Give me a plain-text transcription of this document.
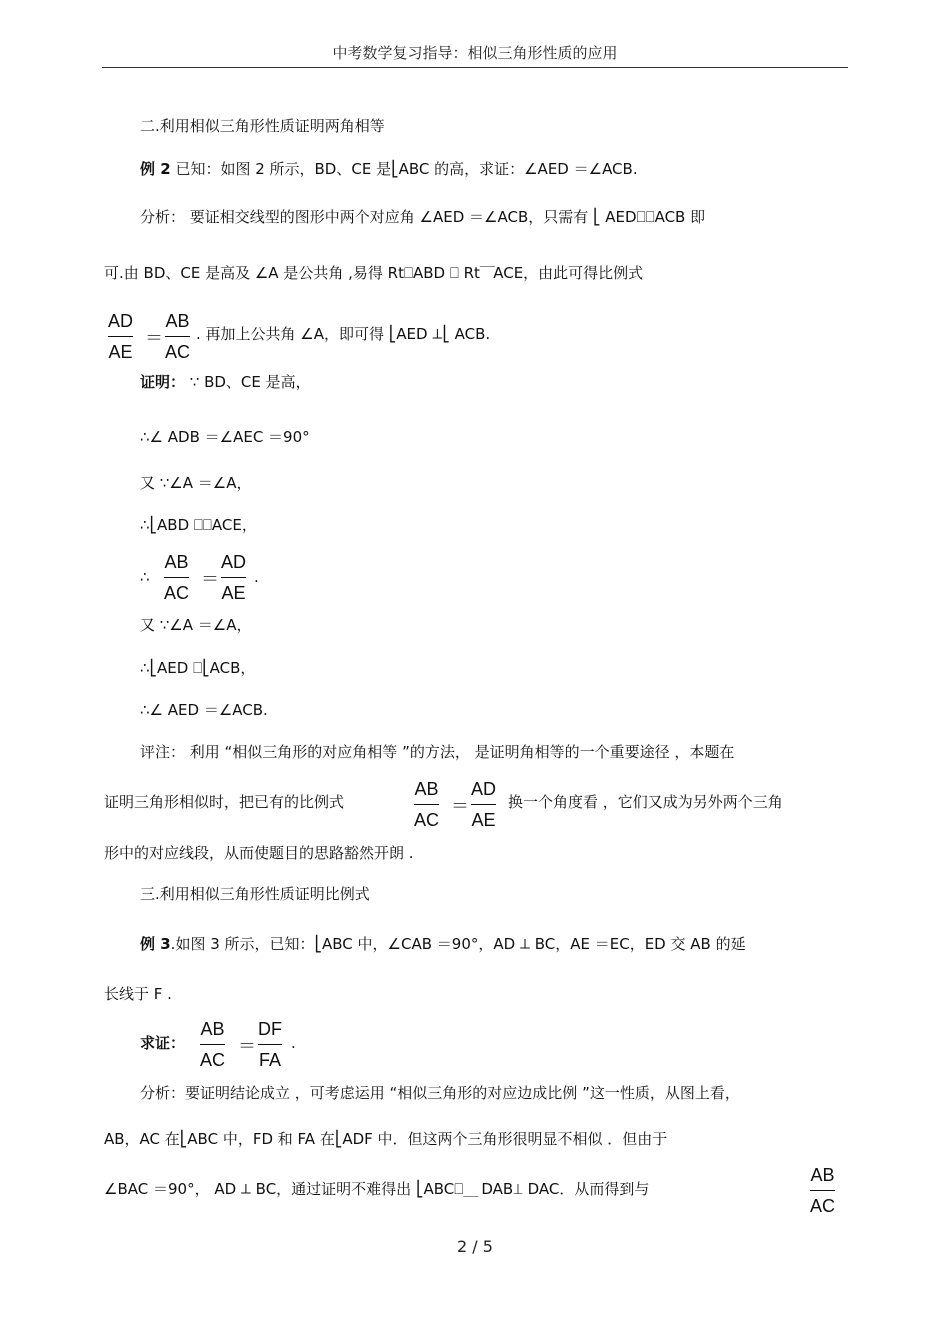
中考数学复习指导：相似三角形性质的应用
二.利用相似三角形性质证明两角相等
例 2 已知：如图 2 所示，BD、CE 是⎣ABC 的高，求证：∠AED ＝∠ACB.
分析： 要证相交线型的图形中两个对应角 ∠AED ＝∠ACB，只需有 ⎣ AED⎕⎕ACB 即
可.由 BD、CE 是高及 ∠A 是公共角 ,易得 Rt⎕ABD ⎕ Rt⎺ACE，由此可得比例式
AD
AE
＝
AB
AC
. 再加上公共角 ∠A，即可得 ⎣AED ⟂⎣ ACB.
证明： ∵ BD、CE 是高，
∴∠ ADB ＝∠AEC ＝90°
又 ∵∠A ＝∠A，
∴⎣ABD ⎕⎕ACE，
∴
AB
AC
＝
AD
AE
.
又 ∵∠A ＝∠A，
∴⎣AED ⎕⎣ACB，
∴∠ AED ＝∠ACB.
评注： 利用 “相似三角形的对应角相等 ”的方法， 是证明角相等的一个重要途径 ，本题在
证明三角形相似时，把已有的比例式
AB
AC
＝
AD
AE
换一个角度看 ，它们又成为另外两个三角
形中的对应线段，从而使题目的思路豁然开朗 .
三.利用相似三角形性质证明比例式
例 3.如图 3 所示，已知：⎣ABC 中，∠CAB ＝90°，AD ⟂ BC，AE ＝EC，ED 交 AB 的延
长线于 F .
求证：
AB
AC
＝
DF
FA
.
分析：要证明结论成立 ，可考虑运用 “相似三角形的对应边成比例 ”这一性质，从图上看，
AB，AC 在⎣ABC 中，FD 和 FA 在⎣ADF 中．但这两个三角形很明显不相似 ．但由于
∠BAC ＝90°， AD ⟂ BC，通过证明不难得出 ⎣ABC⎕⎽ DAB⟂ DAC．从而得到与
AB
AC
2 / 5
